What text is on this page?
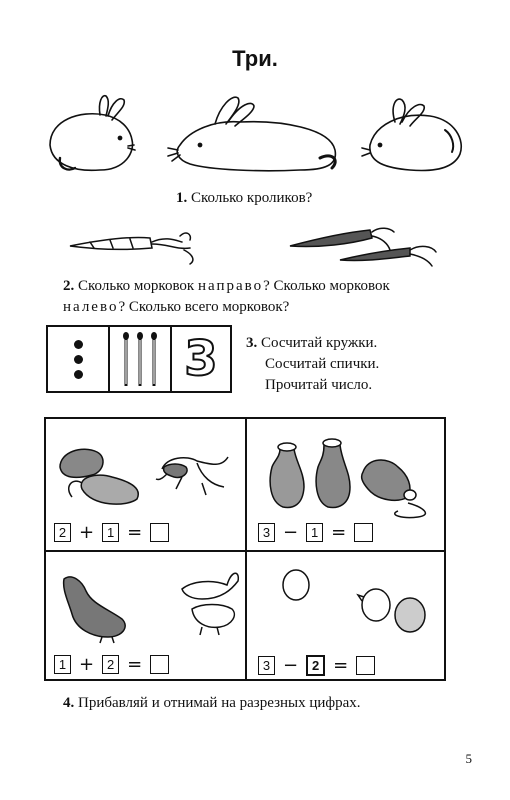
Три.
1. Сколько кроликов?
2. Сколько морковок направо? Сколько морковок
налево? Сколько всего морковок?
3 3. Сосчитай кружки.
Сосчитай спички.
Прочитай число.
2 + 1 =	3 − 1 =
1 + 2 =	3 −	2 =
4. Прибавляй и отнимай на разрезных цифрах.
5
